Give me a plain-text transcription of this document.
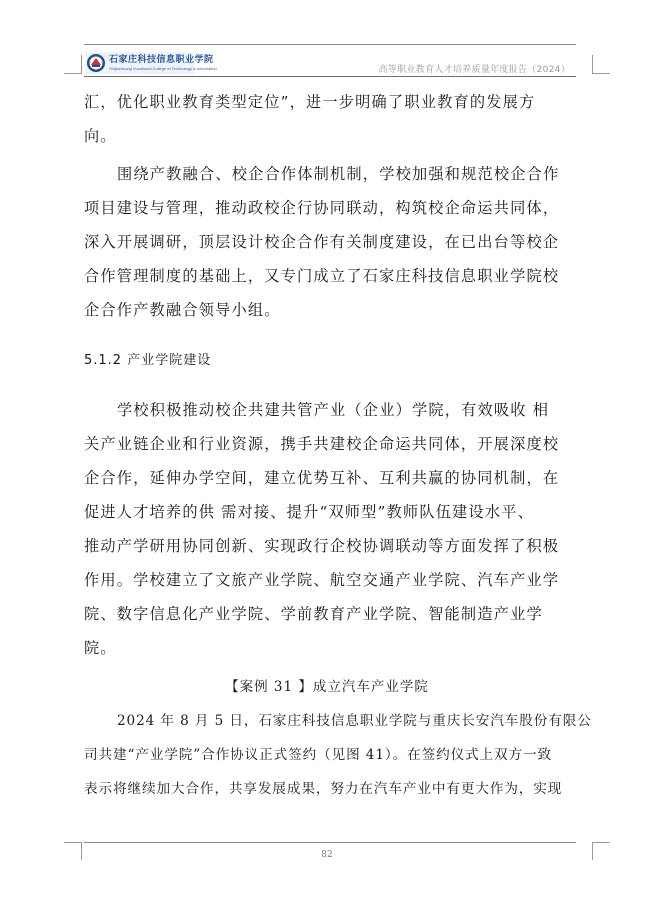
石家庄科技信息职业学院
Shijiazhuang Vocational College of Technology & Information	高等职业教育人才培养质量年度报告（2024）
汇，优化职业教育类型定位”，进一步明确了职业教育的发展方
向。
围绕产教融合、校企合作体制机制，学校加强和规范校企合作
项目建设与管理，推动政校企行协同联动，构筑校企命运共同体，
深入开展调研，顶层设计校企合作有关制度建设，在已出台等校企
合作管理制度的基础上，又专门成立了石家庄科技信息职业学院校
企合作产教融合领导小组。
5.1.2 产业学院建设
学校积极推动校企共建共管产业（企业）学院，有效吸收 相
关产业链企业和行业资源，携手共建校企命运共同体，开展深度校
企合作，延伸办学空间，建立优势互补、互利共赢的协同机制，在
促进人才培养的供 需对接、提升“双师型”教师队伍建设水平、
推动产学研用协同创新、实现政行企校协调联动等方面发挥了积极
作用。学校建立了文旅产业学院、航空交通产业学院、汽车产业学
院、数字信息化产业学院、学前教育产业学院、智能制造产业学
院。
【案例 31 】成立汽车产业学院
2024 年 8 月 5 日，石家庄科技信息职业学院与重庆长安汽车股份有限公
司共建“产业学院”合作协议正式签约（见图 41）。在签约仪式上双方一致
表示将继续加大合作，共享发展成果，努力在汽车产业中有更大作为，实现
82
